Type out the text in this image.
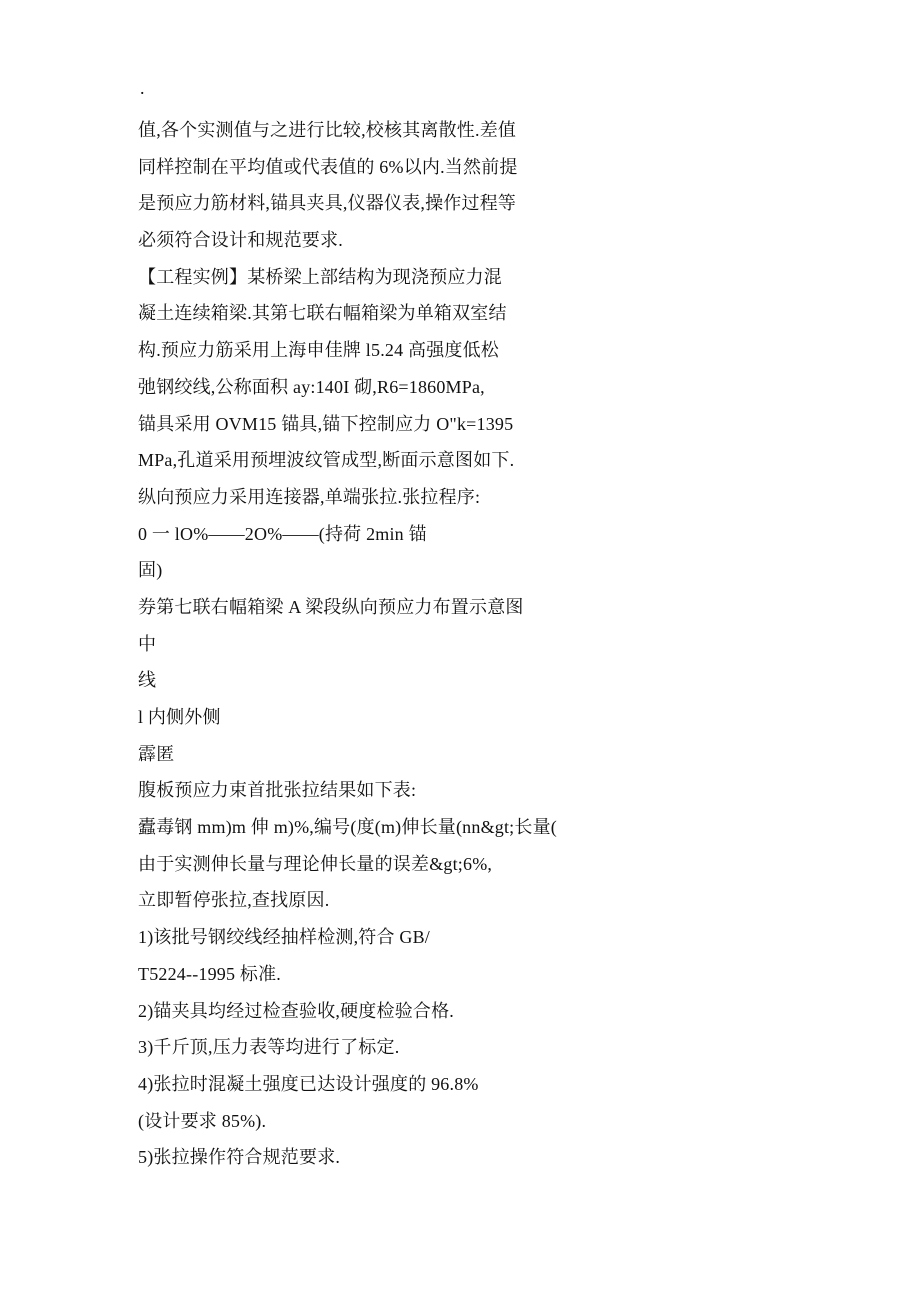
.
值,各个实测值与之进行比较,校核其离散性.差值
同样控制在平均值或代表值的 6%以内.当然前提
是预应力筋材料,锚具夹具,仪器仪表,操作过程等
必须符合设计和规范要求.
【工程实例】某桥梁上部结构为现浇预应力混
凝土连续箱梁.其第七联右幅箱梁为单箱双室结
构.预应力筋采用上海申佳牌 l5.24 高强度低松
弛钢绞线,公称面积 ay:140I 砌,R6=1860MPa,
锚具采用 OVM15 锚具,锚下控制应力 O"k=1395
MPa,孔道采用预埋波纹管成型,断面示意图如下.
纵向预应力采用连接器,单端张拉.张拉程序:
0 一 lO%——2O%——(持荷 2min 锚
固)
券第七联右幅箱梁 A 梁段纵向预应力布置示意图
中
线
l 内侧外侧
霹匿
腹板预应力束首批张拉结果如下表:
蠹毒钢 mm)m 伸 m)%,编号(度(m)伸长量(nn&gt;长量(
由于实测伸长量与理论伸长量的误差&gt;6%,
立即暂停张拉,查找原因.
1)该批号钢绞线经抽样检测,符合 GB/
T5224--1995 标准.
2)锚夹具均经过检查验收,硬度检验合格.
3)千斤顶,压力表等均进行了标定.
4)张拉时混凝土强度已达设计强度的 96.8%
(设计要求 85%).
5)张拉操作符合规范要求.
